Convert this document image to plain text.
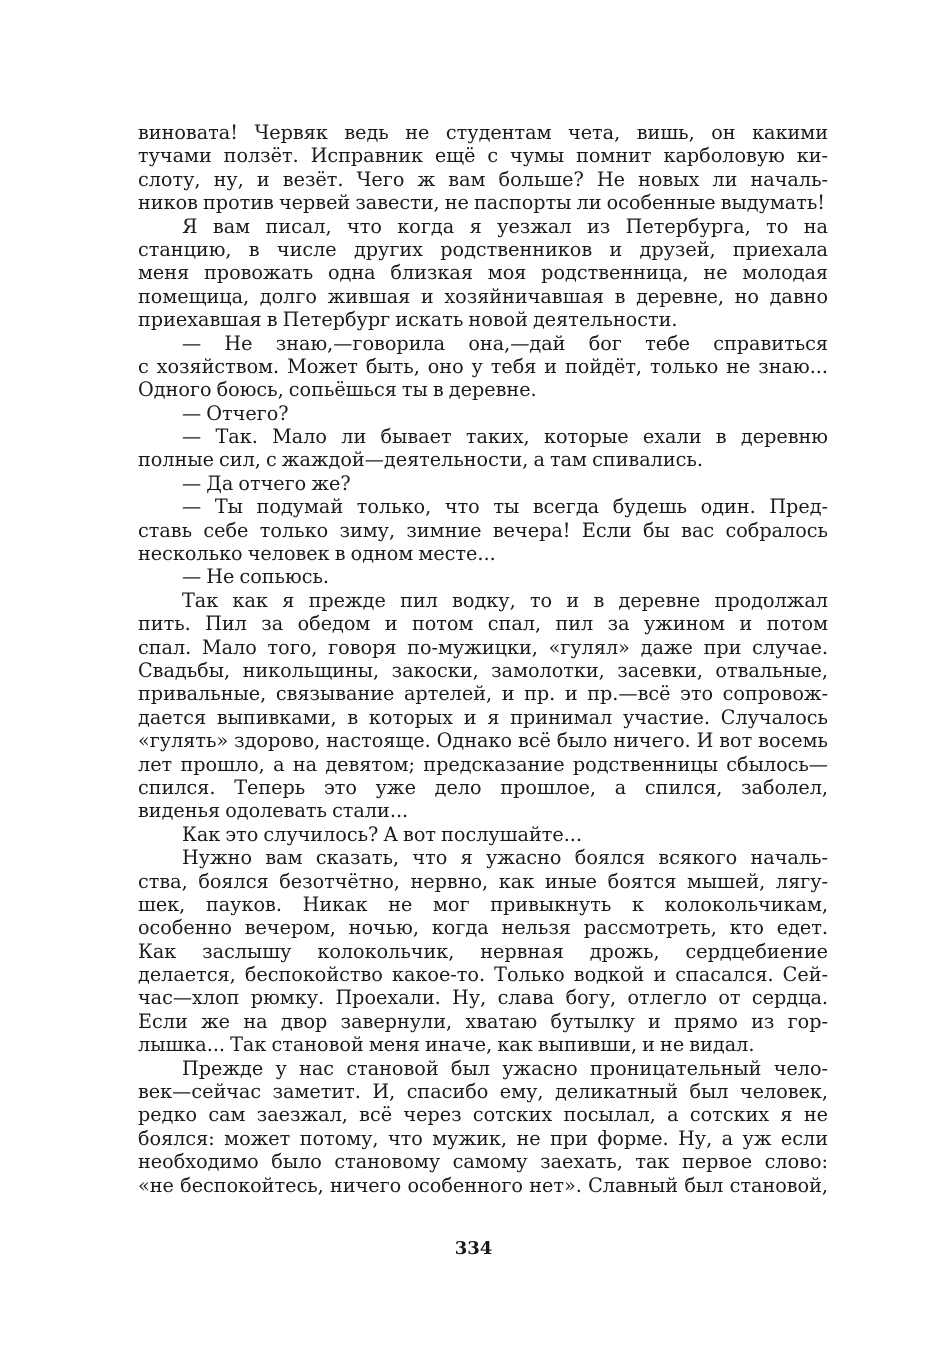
виновата! Червяк ведь не студентам чета, вишь, он какими
тучами ползёт. Исправник ещё с чумы помнит карболовую ки-
слоту, ну, и везёт. Чего ж вам больше? Не новых ли началь-
ников против червей завести, не паспорты ли особенные выдумать!
Я вам писал, что когда я уезжал из Петербурга, то на
станцию, в числе других родственников и друзей, приехала
меня провожать одна близкая моя родственница, не молодая
помещица, долго жившая и хозяйничавшая в деревне, но давно
приехавшая в Петербург искать новой деятельности.
— Не знаю,—говорила она,—дай бог тебе справиться
с хозяйством. Может быть, оно у тебя и пойдёт, только не знаю...
Одного боюсь, сопьёшься ты в деревне.
— Отчего?
— Так. Мало ли бывает таких, которые ехали в деревню
полные сил, с жаждой—деятельности, а там спивались.
— Да отчего же?
— Ты подумай только, что ты всегда будешь один. Пред-
ставь себе только зиму, зимние вечера! Если бы вас собралось
несколько человек в одном месте...
— Не сопьюсь.
Так как я прежде пил водку, то и в деревне продолжал
пить. Пил за обедом и потом спал, пил за ужином и потом
спал. Мало того, говоря по-мужицки, «гулял» даже при случае.
Свадьбы, никольщины, закоски, замолотки, засевки, отвальные,
привальные, связывание артелей, и пр. и пр.—всё это сопровож-
дается выпивками, в которых и я принимал участие. Случалось
«гулять» здорово, настояще. Однако всё было ничего. И вот восемь
лет прошло, а на девятом; предсказание родственницы сбылось—
спился. Теперь это уже дело прошлое, а спился, заболел,
виденья одолевать стали...
Как это случилось? А вот послушайте...
Нужно вам сказать, что я ужасно боялся всякого началь-
ства, боялся безотчётно, нервно, как иные боятся мышей, лягу-
шек, пауков. Никак не мог привыкнуть к колокольчикам,
особенно вечером, ночью, когда нельзя рассмотреть, кто едет.
Как заслышу колокольчик, нервная дрожь, сердцебиение
делается, беспокойство какое-то. Только водкой и спасался. Сей-
час—хлоп рюмку. Проехали. Ну, слава богу, отлегло от сердца.
Если же на двор завернули, хватаю бутылку и прямо из гор-
лышка... Так становой меня иначе, как выпивши, и не видал.
Прежде у нас становой был ужасно проницательный чело-
век—сейчас заметит. И, спасибо ему, деликатный был человек,
редко сам заезжал, всё через сотских посылал, а сотских я не
боялся: может потому, что мужик, не при форме. Ну, а уж если
необходимо было становому самому заехать, так первое слово:
«не беспокойтесь, ничего особенного нет». Славный был становой,
334
